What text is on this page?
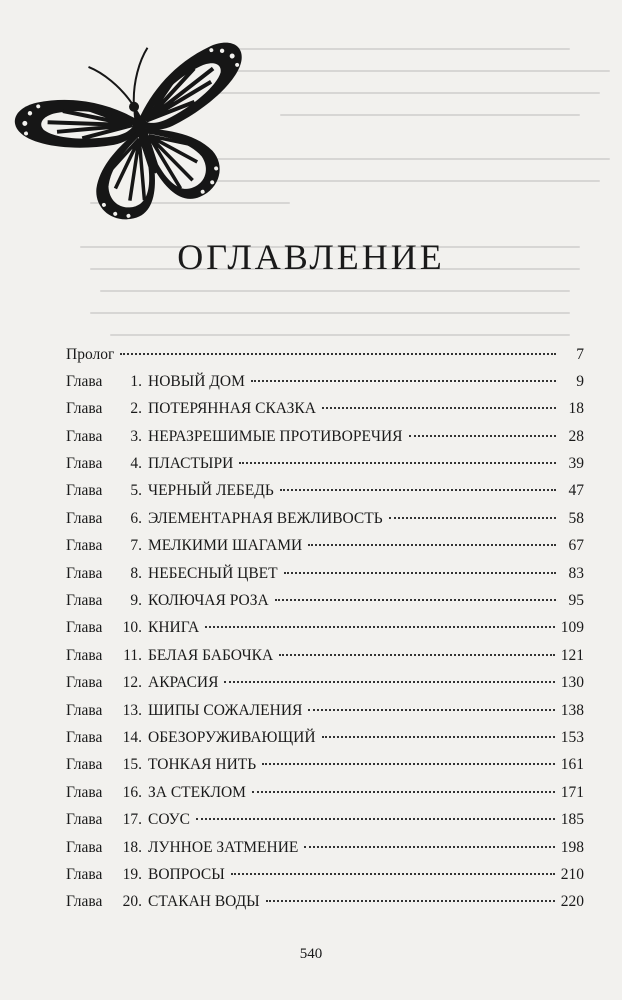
ОГЛАВЛЕНИЕ
Пролог	7
Глава	1. НОВЫЙ ДОМ	9
Глава	2. ПОТЕРЯННАЯ СКАЗКА	18
Глава	3. НЕРАЗРЕШИМЫЕ ПРОТИВОРЕЧИЯ	28
Глава	4. ПЛАСТЫРИ	39
Глава	5. ЧЕРНЫЙ ЛЕБЕДЬ	47
Глава	6. ЭЛЕМЕНТАРНАЯ ВЕЖЛИВОСТЬ	58
Глава	7. МЕЛКИМИ ШАГАМИ	67
Глава	8. НЕБЕСНЫЙ ЦВЕТ	83
Глава	9. КОЛЮЧАЯ РОЗА	95
Глава	10. КНИГА	109
Глава	11. БЕЛАЯ БАБОЧКА	121
Глава	12. АКРАСИЯ	130
Глава	13. ШИПЫ СОЖАЛЕНИЯ	138
Глава	14. ОБЕЗОРУЖИВАЮЩИЙ	153
Глава	15. ТОНКАЯ НИТЬ	161
Глава	16. ЗА СТЕКЛОМ	171
Глава	17. СОУС	185
Глава	18. ЛУННОЕ ЗАТМЕНИЕ	198
Глава	19. ВОПРОСЫ	210
Глава	20. СТАКАН ВОДЫ	220
540
